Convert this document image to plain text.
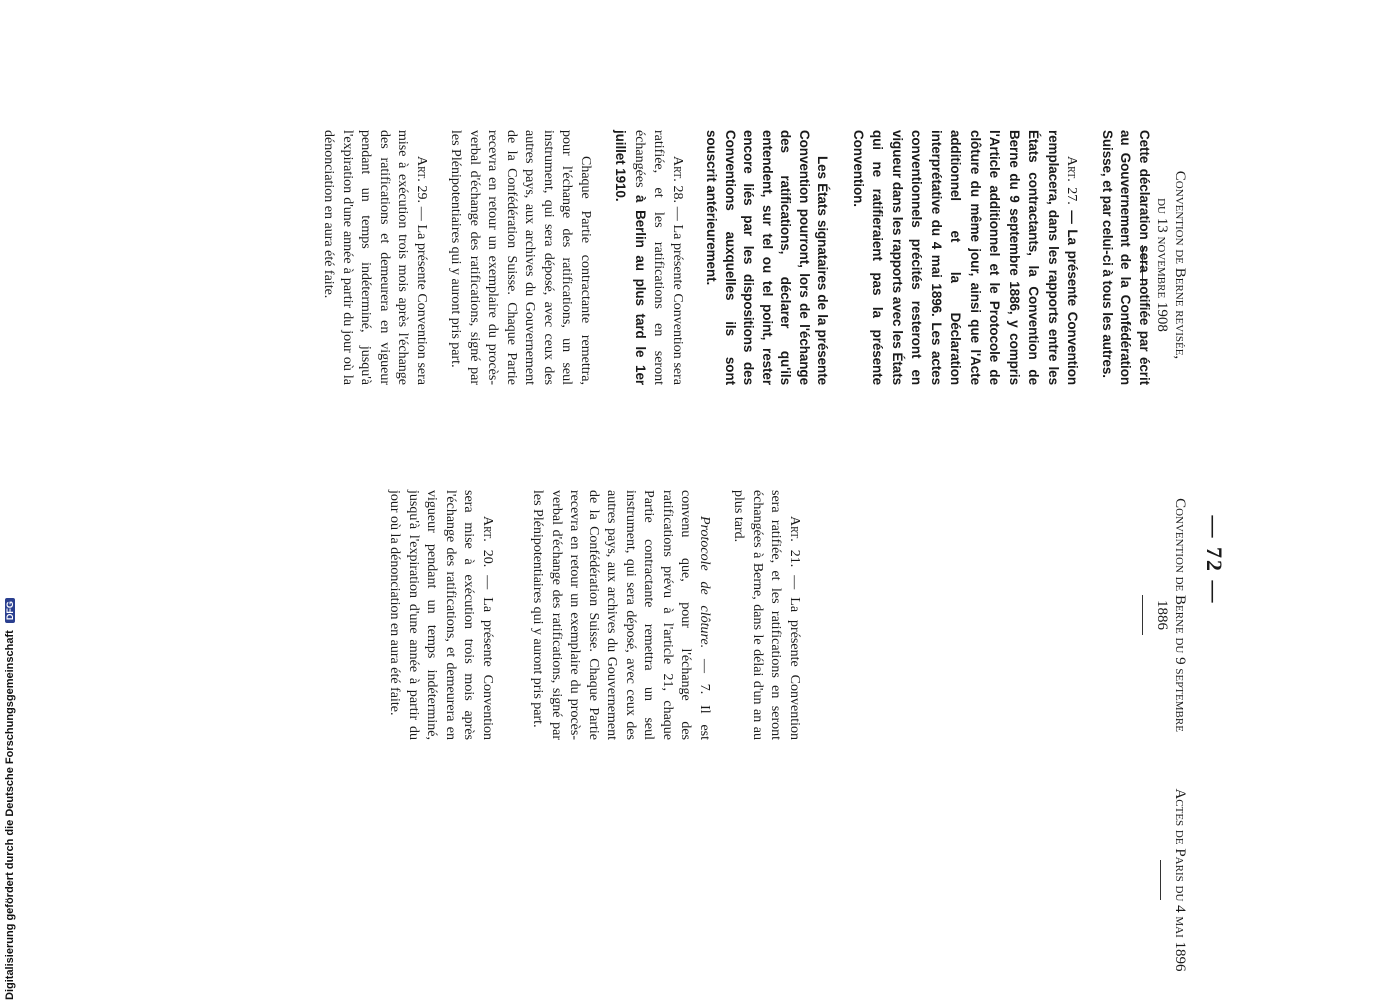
— 72 —
Actes de Paris du 4 mai 1896
Convention de Berne du 9 septembre 1886
Convention de Berne revisée,
du 13 novembre 1908

Art. 21. — La présente Convention sera ratifiée, et les ratifications en seront échangées à Berne, dans le délai d'un an au plus tard.

Protocole de clôture. — 7. Il est convenu que, pour l'échange des ratifications prévu à l'article 21, chaque Partie contractante remettra un seul instrument, qui sera déposé, avec ceux des autres pays, aux archives du Gouvernement de la Confédération Suisse. Chaque Partie recevra en retour un exemplaire du procès-verbal d'échange des ratifications, signé par les Plénipotentiaires qui y auront pris part.

Art. 20. — La présente Convention sera mise à exécution trois mois après l'échange des ratifications, et demeurera en vigueur pendant un temps indéterminé, jusqu'à l'expiration d'une année à partir du jour où la dénonciation en aura été faite.

Cette déclaration sera notifiée par écrit au Gouvernement de la Confédération Suisse, et par celui-ci à tous les autres.

Art. 27. — La présente Convention remplacera, dans les rapports entre les États contractants, la Convention de Berne du 9 septembre 1886, y compris l'Article additionnel et le Protocole de clôture du même jour, ainsi que l'Acte additionnel et la Déclaration interprétative du 4 mai 1896. Les actes conventionnels précités resteront en vigueur dans les rapports avec les États qui ne ratifieraient pas la présente Convention.

Les États signataires de la présente Convention pourront, lors de l'échange des ratifications, déclarer qu'ils entendent, sur tel ou tel point, rester encore liés par les dispositions des Conventions auxquelles ils sont souscrit antérieurement.

Art. 28. — La présente Convention sera ratifiée, et les ratifications en seront échangées à Berlin au plus tard le 1er juillet 1910.

Chaque Partie contractante remettra, pour l'échange des ratifications, un seul instrument, qui sera déposé, avec ceux des autres pays, aux archives du Gouvernement de la Confédération Suisse. Chaque Partie recevra en retour un exemplaire du procès-verbal d'échange des ratifications, signé par les Plénipotentiaires qui y auront pris part.

Art. 29. — La présente Convention sera mise à exécution trois mois après l'échange des ratifications et demeurera en vigueur pendant un temps indéterminé, jusqu'à l'expiration d'une année à partir du jour où la dénonciation en aura été faite.

Digitalisierung gefördert durch die Deutsche Forschungsgemeinschaft DFG
